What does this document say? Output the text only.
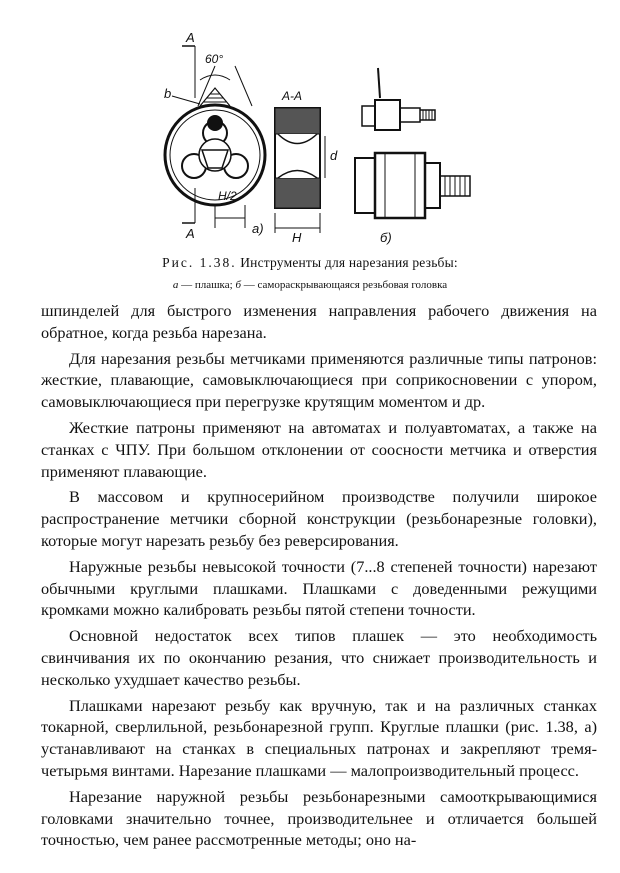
A
60°
b
A
H/2
а)
A-A
d
H	б)
Рис. 1.38. Инструменты для нарезания резьбы:
а — плашка; б — самораскрывающаяся резьбовая головка

шпинделей для быстрого изменения направления рабочего движения на обратное, когда резьба нарезана.

Для нарезания резьбы метчиками применяются различные типы патронов: жесткие, плавающие, самовыключающиеся при соприкосновении с упором, самовыключающиеся при перегрузке крутящим моментом и др.

Жесткие патроны применяют на автоматах и полуавтоматах, а также на станках с ЧПУ. При большом отклонении от соосности метчика и отверстия применяют плавающие.

В массовом и крупносерийном производстве получили широкое распространение метчики сборной конструкции (резьбонарезные головки), которые могут нарезать резьбу без реверсирования.

Наружные резьбы невысокой точности (7...8 степеней точности) нарезают обычными круглыми плашками. Плашками с доведенными режущими кромками можно калибровать резьбы пятой степени точности.

Основной недостаток всех типов плашек — это необходимость свинчивания их по окончанию резания, что снижает производительность и несколько ухудшает качество резьбы.

Плашками нарезают резьбу как вручную, так и на различных станках токарной, сверлильной, резьбонарезной групп. Круглые плашки (рис. 1.38, а) устанавливают на станках в специальных патронах и закрепляют тремя-четырьмя винтами. Нарезание плашками — малопроизводительный процесс.

Нарезание наружной резьбы резьбонарезными самооткрывающимися головками значительно точнее, производительнее и отличается большей точностью, чем ранее рассмотренные методы; оно на-
